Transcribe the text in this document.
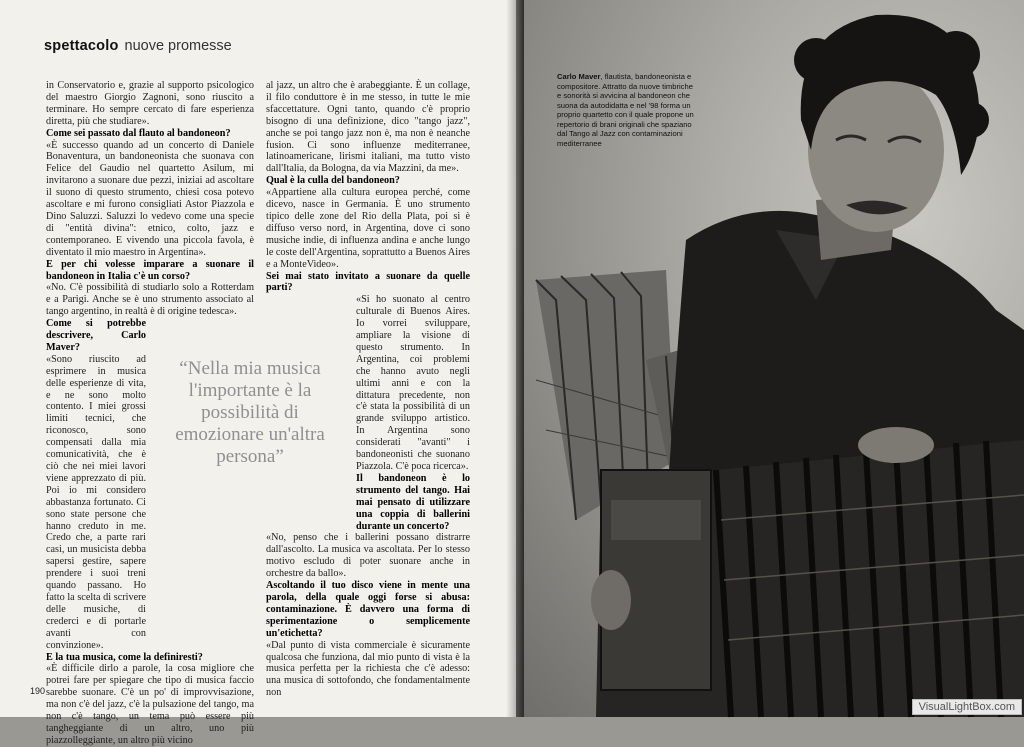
spettacolo nuove promesse

in Conservatorio e, grazie al supporto psicologico del maestro Giorgio Zagnoni, sono riuscito a terminare. Ho sempre cercato di fare esperienza diretta, più che studiare».

Come sei passato dal flauto al bandoneon?

«È successo quando ad un concerto di Daniele Bonaventura, un bandoneonista che suonava con Felice del Gaudio nel quartetto Asilum, mi invitarono a suonare due pezzi, iniziai ad ascoltare il suono di questo strumento, chiesi cosa potevo ascoltare e mi furono consigliati Astor Piazzola e Dino Saluzzi. Saluzzi lo vedevo come una specie di "entità divina": etnico, colto, jazz e contemporaneo. E vivendo una piccola favola, è diventato il mio maestro in Argentina».

E per chi volesse imparare a suonare il bandoneon in Italia c'è un corso?

«No. C'è possibilità di studiarlo solo a Rotterdam e a Parigi. Anche se è uno strumento associato al tango argentino, in realtà è di origine tedesca».

Come si potrebbe descrivere, Carlo Maver?

«Sono riuscito ad esprimere in musica delle esperienze di vita, e ne sono molto contento. I miei grossi limiti tecnici, che riconosco, sono compensati dalla mia comunicatività, che è ciò che nei miei lavori viene apprezzato di più. Poi io mi considero abbastanza fortunato. Ci sono state persone che hanno creduto in me. Credo che, a parte rari casi, un musicista debba sapersi gestire, sapere prendere i suoi treni quando passano. Ho fatto la scelta di scrivere delle musiche, di crederci e di portarle avanti con convinzione».

E la tua musica, come la definiresti?

«È difficile dirlo a parole, la cosa migliore che potrei fare per spiegare che tipo di musica faccio sarebbe suonare. C'è un po' di improvvisazione, ma non c'è del jazz, c'è la pulsazione del tango, ma non c'è tango, un tema può essere più tangheggiante di un altro, uno più piazzolleggiante, un altro più vicino

al jazz, un altro che è arabeggiante. È un collage, il filo conduttore è in me stesso, in tutte le mie sfaccettature. Ogni tanto, quando c'è proprio bisogno di una definizione, dico "tango jazz", anche se poi tango jazz non è, ma non è neanche fusion. Ci sono influenze mediterranee, latinoamericane, lirismi italiani, ma tutto visto dall'Italia, da Bologna, da via Mazzini, da me».

Qual è la culla del bandoneon?

«Appartiene alla cultura europea perché, come dicevo, nasce in Germania. È uno strumento tipico delle zone del Rio della Plata, poi si è diffuso verso nord, in Argentina, dove ci sono musiche indie, di influenza andina e anche lungo le coste dell'Argentina, soprattutto a Buenos Aires e a MonteVideo».

Sei mai stato invitato a suonare da quelle parti?

«Si ho suonato al centro culturale di Buenos Aires. Io vorrei sviluppare, ampliare la visione di questo strumento. In Argentina, coi problemi che hanno avuto negli ultimi anni e con la dittatura precedente, non c'è stata la possibilità di un grande sviluppo artistico. In Argentina sono considerati "avanti" i bandoneonisti che suonano Piazzola. C'è poca ricerca».

Il bandoneon è lo strumento del tango. Hai mai pensato di utilizzare una coppia di ballerini durante un concerto?

«No, penso che i ballerini possano distrarre dall'ascolto. La musica va ascoltata. Per lo stesso motivo escludo di poter suonare anche in orchestre da ballo».

Ascoltando il tuo disco viene in mente una parola, della quale oggi forse si abusa: contaminazione. È davvero una forma di sperimentazione o semplicemente un'etichetta?

«Dal punto di vista commerciale è sicuramente qualcosa che funziona, dal mio punto di vista è la musica perfetta per la richiesta che c'è adesso: una musica di sottofondo, che fondamentalmente non

“Nella mia musica l'importante è la possibilità di emozionare un'altra persona”
190
Carlo Maver, flautista, bandoneonista e compositore. Attratto da nuove timbriche e sonorità si avvicina al bandoneon che suona da autodidatta e nel '98 forma un proprio quartetto con il quale propone un repertorio di brani originali che spaziano dal Tango al Jazz con contaminazioni mediterranee
VisualLightBox.com
